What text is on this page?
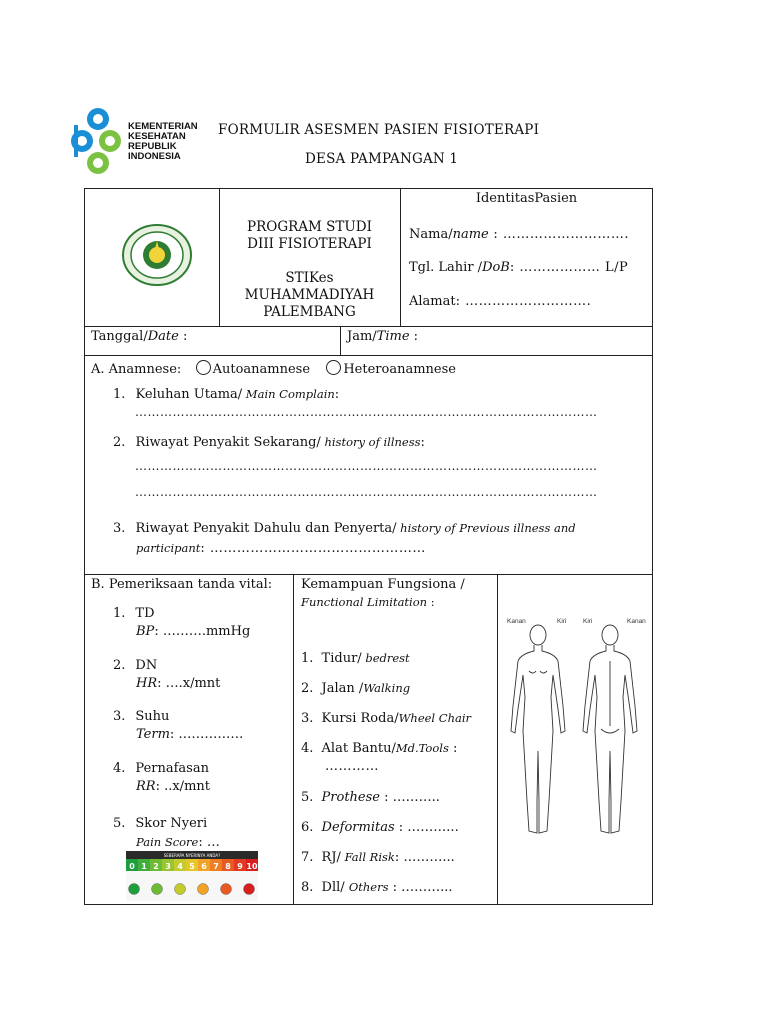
KEMENTERIAN
KESEHATAN
REPUBLIK
INDONESIA
FORMULIR ASESMEN PASIEN FISIOTERAPI
DESA PAMPANGAN 1
PROGRAM STUDI
DIII FISIOTERAPI
STIKes
MUHAMMADIYAH
PALEMBANG
IdentitasPasien
Nama/name : ……………………….
Tgl. Lahir /DoB: ……………… L/P
Alamat: ……………………….
Tanggal/Date :	Jam/Time :
A. Anamnese: Autoanamnese	Heteroanamnese
1. Keluhan Utama/ Main Complain:
…………………………………………………………………………………………………
2. Riwayat Penyakit Sekarang/ history of illness:
…………………………………………………………………………………………………
…………………………………………………………………………………………………
3. Riwayat Penyakit Dahulu dan Penyerta/ history of Previous illness and
participant: …………………………………………
B. Pemeriksaan tanda vital:
1. TD
BP: ……….mmHg
2. DN
HR: ….x/mnt
3. Suhu
Term: ……………
4. Pernafasan
RR: ..x/mnt
5. Skor Nyeri
Pain Score: …
0 1 2 3 4 5 6 7 8 9 10
SEBERAPA NYERINYA ANDA?
Kemampuan Fungsiona /
Functional Limitation :
1. Tidur/ bedrest
2. Jalan /Walking
3. Kursi Roda/Wheel Chair
4. Alat Bantu/Md.Tools :
…………
5. Prothese : ………..
6. Deformitas : ………...
7. RJ/ Fall Risk: ………...
8. Dll/ Others : ………...
Kanan	Kiri	Kiri	Kanan
